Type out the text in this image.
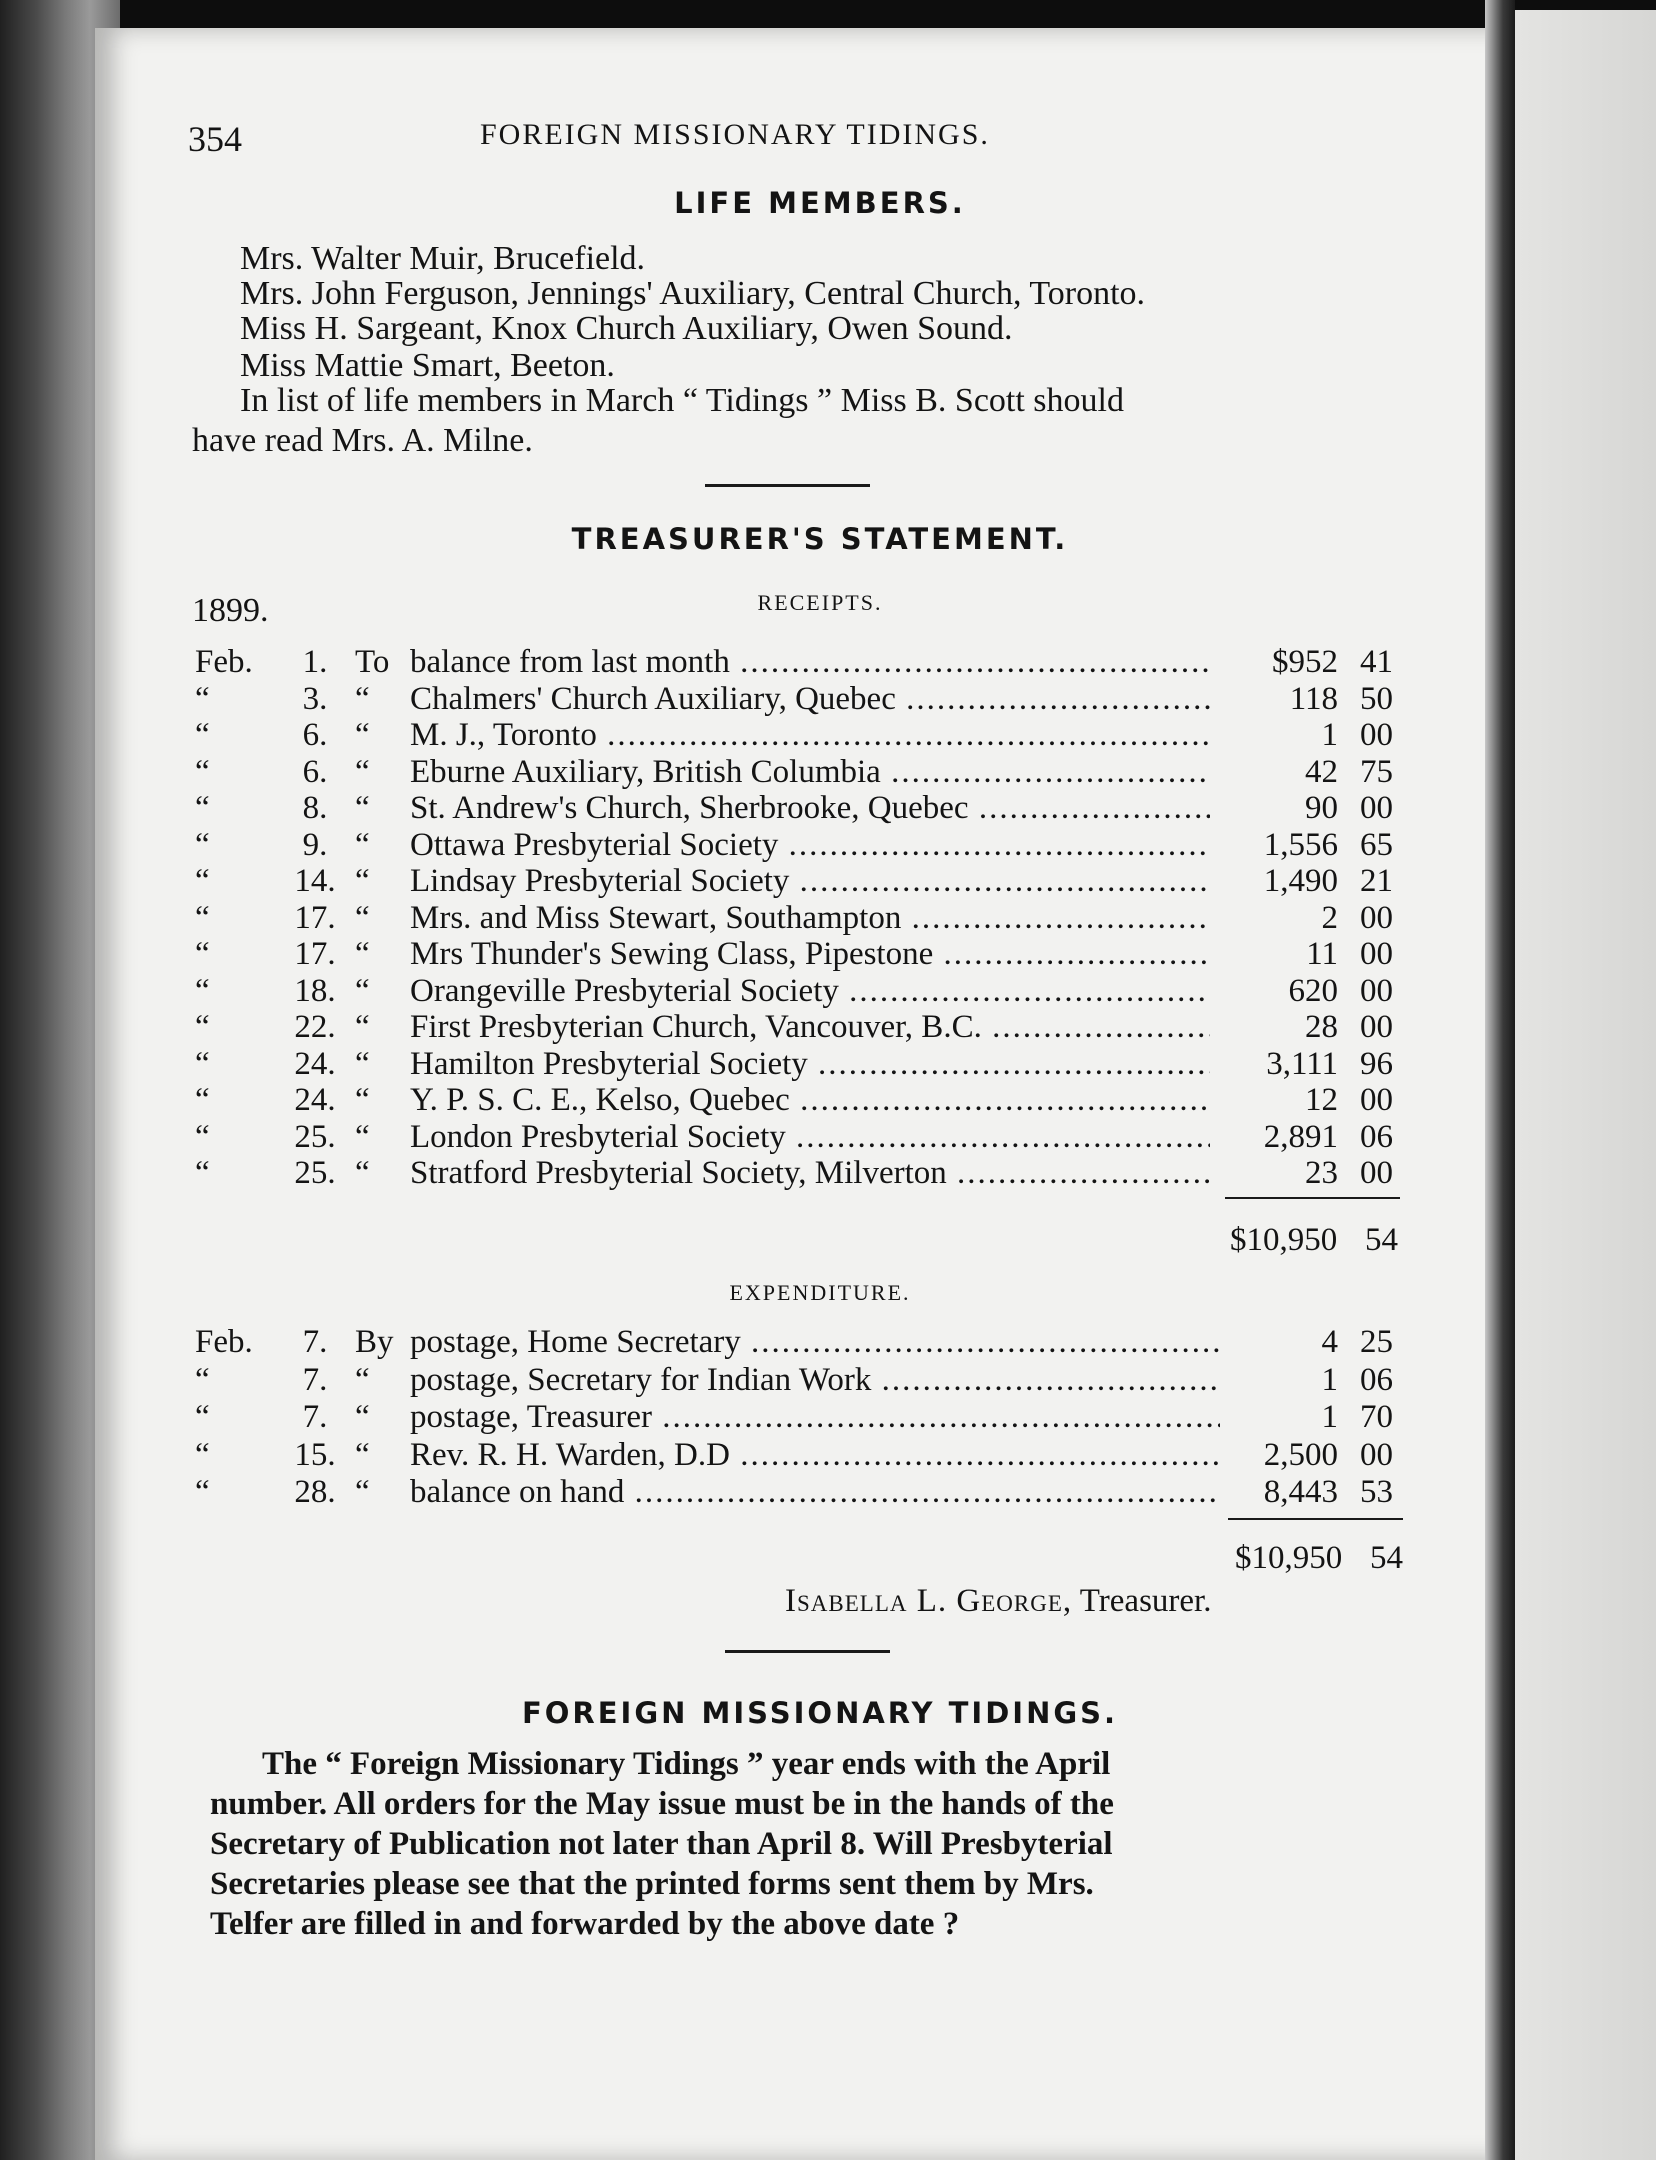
354	FOREIGN MISSIONARY TIDINGS.
LIFE MEMBERS.
Mrs. Walter Muir, Brucefield.
Mrs. John Ferguson, Jennings' Auxiliary, Central Church, Toronto.
Miss H. Sargeant, Knox Church Auxiliary, Owen Sound.
Miss Mattie Smart, Beeton.
In list of life members in March “ Tidings ” Miss B. Scott should
have read Mrs. A. Milne.
TREASURER'S STATEMENT.
1899.	RECEIPTS.
Feb.	1. To balance from last month .....	$952 41
“	3. “ Chalmers' Church Auxiliary, Quebec .....	118 50
“	6. “ M. J., Toronto .....	1 00
“	6. “ Eburne Auxiliary, British Columbia .....	42 75
“	8. “ St. Andrew's Church, Sherbrooke, Quebec .....	90 00
“	9. “ Ottawa Presbyterial Society .....	1,556 65
“	14. “ Lindsay Presbyterial Society .....	1,490 21
“	17. “ Mrs. and Miss Stewart, Southampton .....	2 00
“	17. “ Mrs Thunder's Sewing Class, Pipestone .....	11 00
“	18. “ Orangeville Presbyterial Society .....	620 00
“	22. “ First Presbyterian Church, Vancouver, B.C. .....	28 00
“	24. “ Hamilton Presbyterial Society .....	3,111 96
“	24. “ Y. P. S. C. E., Kelso, Quebec .....	12 00
“	25. “ London Presbyterial Society .....	2,891 06
“	25. “ Stratford Presbyterial Society, Milverton .....	23 00
$10,950 54
EXPENDITURE.
Feb.	7. By postage, Home Secretary .....	4 25
“	7. “ postage, Secretary for Indian Work .....	1 06
“	7. “ postage, Treasurer .....	1 70
“	15. “ Rev. R. H. Warden, D.D .....	2,500 00
“	28. “ balance on hand .....	8,443 53
$10,950 54
Isabella L. George, Treasurer.
FOREIGN MISSIONARY TIDINGS.
The “ Foreign Missionary Tidings ” year ends with the April
number. All orders for the May issue must be in the hands of the
Secretary of Publication not later than April 8. Will Presbyterial
Secretaries please see that the printed forms sent them by Mrs.
Telfer are filled in and forwarded by the above date ?
